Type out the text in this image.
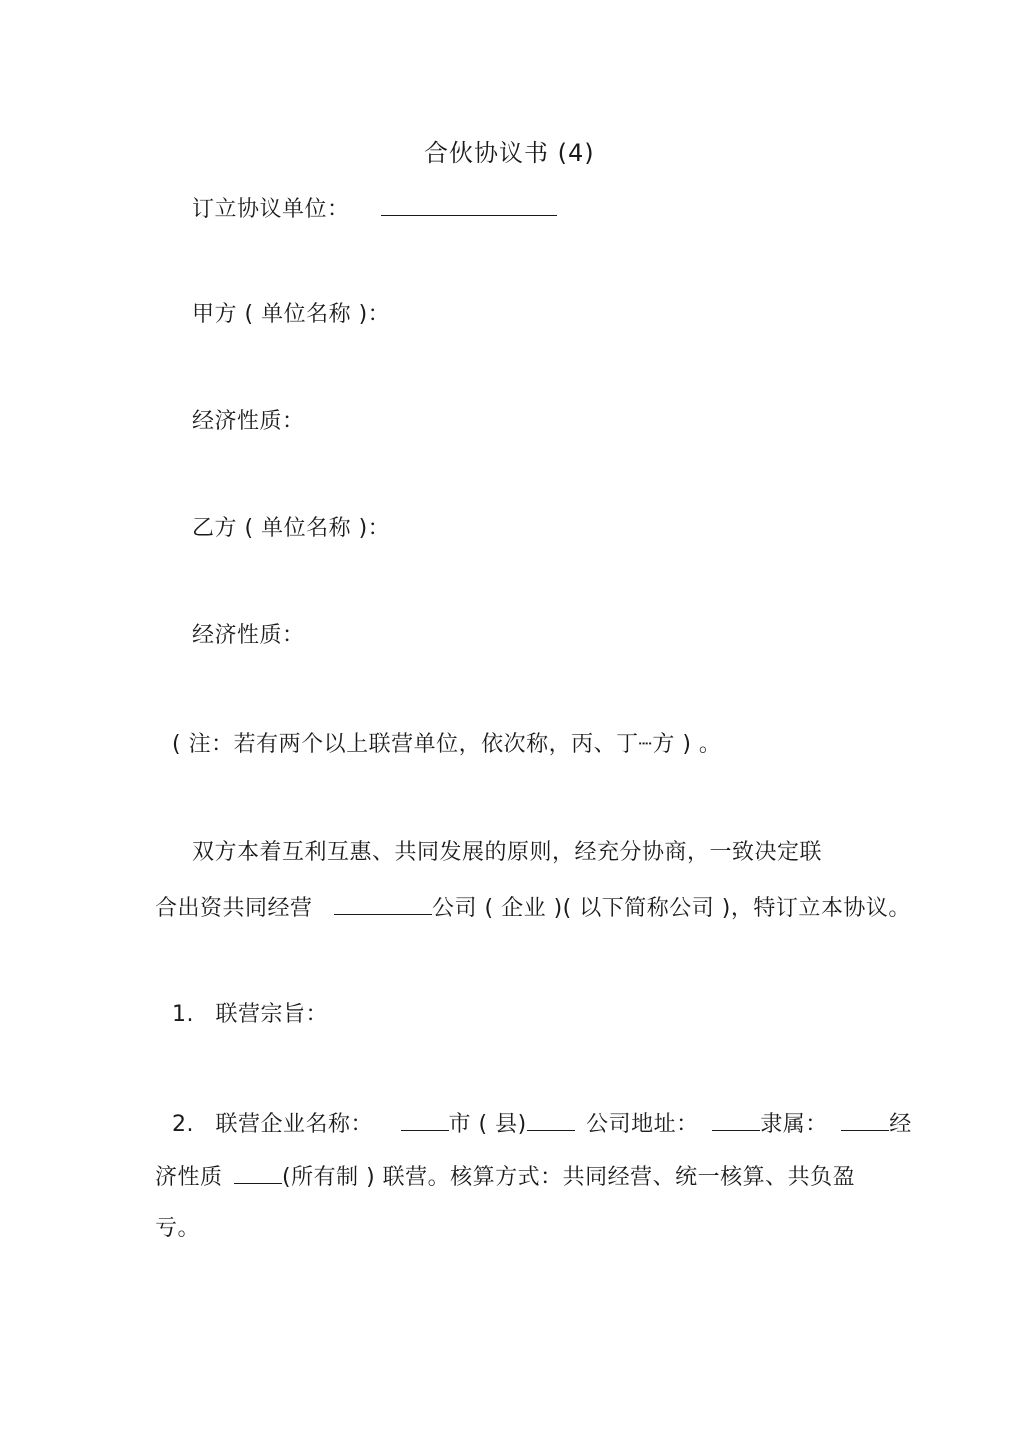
合伙协议书 (4)
订立协议单位：
甲方 ( 单位名称 )：
经济性质：
乙方 ( 单位名称 )：
经济性质：
( 注：若有两个以上联营单位，依次称，丙、丁┈方 ) 。
双方本着互利互惠、共同发展的原则，经充分协商，一致决定联
合出资共同经营	公司 ( 企业 )( 以下简称公司 )，特订立本协议。
1. 联营宗旨：
2. 联营企业名称：	市 ( 县)	公司地址：	隶属：	经
济性质	(所有制 ) 联营。核算方式：共同经营、统一核算、共负盈
亏。
